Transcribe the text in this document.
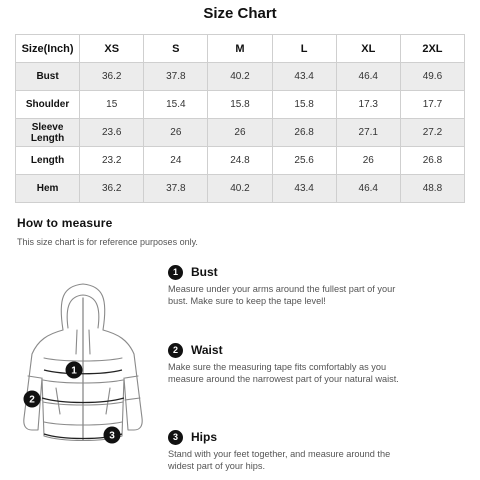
Size Chart
Size(Inch)	XS	S	M	L	XL	2XL
Bust	36.2	37.8	40.2	43.4	46.4	49.6
Shoulder	15	15.4	15.8	15.8	17.3	17.7
Sleeve Length	23.6	26	26	26.8	27.1	27.2
Length	23.2	24	24.8	25.6	26	26.8
Hem	36.2	37.8	40.2	43.4	46.4	48.8
How to measure
This size chart is for reference purposes only.
1
2
3
1	Bust
Measure under your arms around the fullest part of your bust. Make sure to keep the tape level!
2	Waist
Make sure the measuring tape fits comfortably as you measure around the narrowest part of your natural waist.
3	Hips
Stand with your feet together, and measure around the widest part of your hips.
